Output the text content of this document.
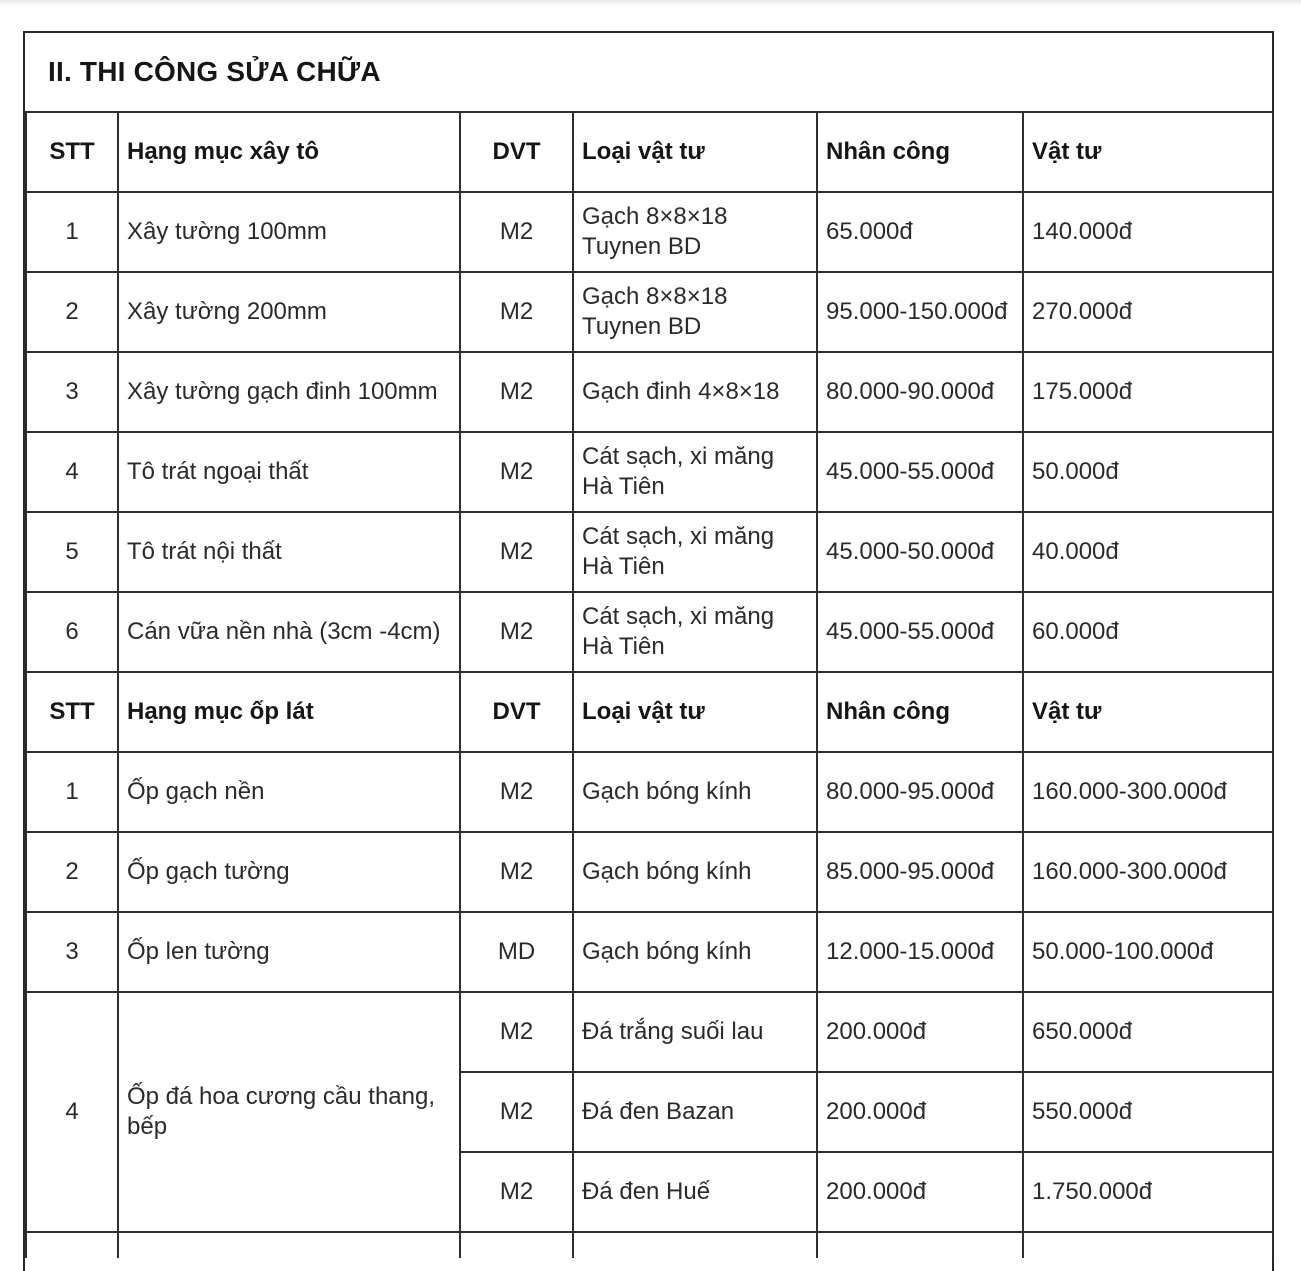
II. THI CÔNG SỬA CHỮA
STT	Hạng mục xây tô	DVT	Loại vật tư	Nhân công	Vật tư
1	Xây tường 100mm	M2	Gạch 8×8×18 Tuynen BD	65.000đ	140.000đ
2	Xây tường 200mm	M2	Gạch 8×8×18 Tuynen BD	95.000-150.000đ	270.000đ
3	Xây tường gạch đinh 100mm	M2	Gạch đinh 4×8×18	80.000-90.000đ	175.000đ
4	Tô trát ngoại thất	M2	Cát sạch, xi măng Hà Tiên	45.000-55.000đ	50.000đ
5	Tô trát nội thất	M2	Cát sạch, xi măng Hà Tiên	45.000-50.000đ	40.000đ
6	Cán vữa nền nhà (3cm -4cm)	M2	Cát sạch, xi măng Hà Tiên	45.000-55.000đ	60.000đ
STT	Hạng mục ốp lát	DVT	Loại vật tư	Nhân công	Vật tư
1	Ốp gạch nền	M2	Gạch bóng kính	80.000-95.000đ	160.000-300.000đ
2	Ốp gạch tường	M2	Gạch bóng kính	85.000-95.000đ	160.000-300.000đ
3	Ốp len tường	MD	Gạch bóng kính	12.000-15.000đ	50.000-100.000đ
4	Ốp đá hoa cương cầu thang, bếp	M2	Đá trắng suối lau	200.000đ	650.000đ
		M2	Đá đen Bazan	200.000đ	550.000đ
		M2	Đá đen Huế	200.000đ	1.750.000đ
